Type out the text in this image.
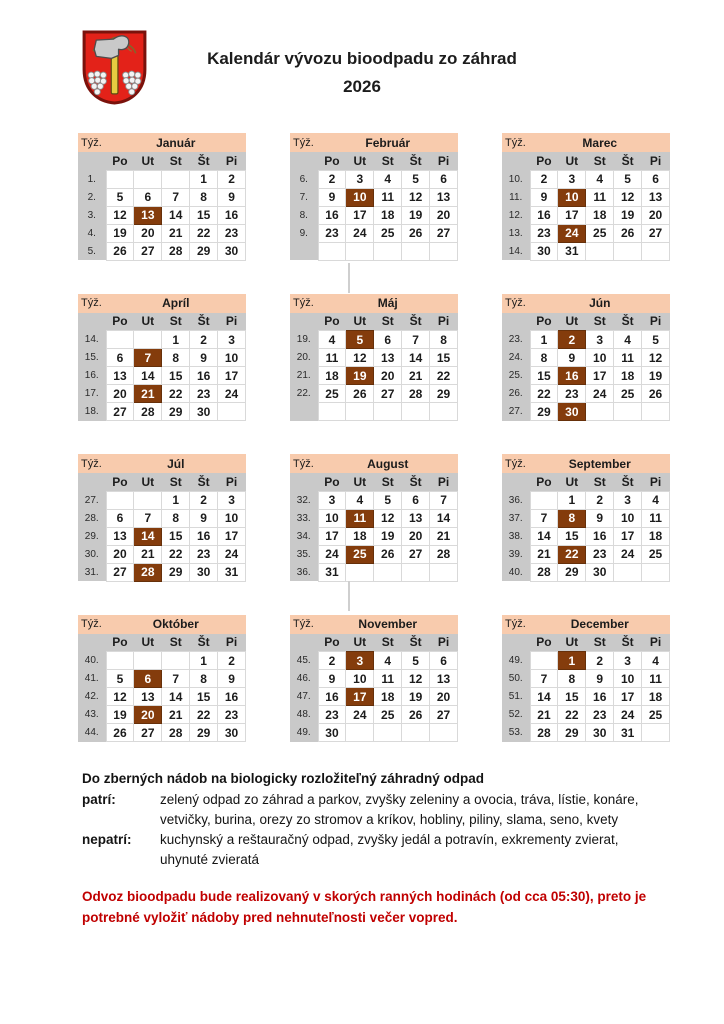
Kalendár vývozu bioodpadu zo záhrad
2026
Týž.	Január				
	Po	Ut	St	Št	Pi
1.				1	2
2.	5	6	7	8	9
3.	12	13	14	15	16
4.	19	20	21	22	23
5.	26	27	28	29	30
Týž.	Február				
	Po	Ut	St	Št	Pi
6.	2	3	4	5	6
7.	9	10	11	12	13
8.	16	17	18	19	20
9.	23	24	25	26	27

Týž.	Marec				
	Po	Ut	St	Št	Pi
10.	2	3	4	5	6
11.	9	10	11	12	13
12.	16	17	18	19	20
13.	23	24	25	26	27
14.	30	31			
Týž.	Apríl				
	Po	Ut	St	Št	Pi
14.			1	2	3
15.	6	7	8	9	10
16.	13	14	15	16	17
17.	20	21	22	23	24
18.	27	28	29	30	
Týž.	Máj				
	Po	Ut	St	Št	Pi
19.	4	5	6	7	8
20.	11	12	13	14	15
21.	18	19	20	21	22
22.	25	26	27	28	29

Týž.	Jún				
	Po	Ut	St	Št	Pi
23.	1	2	3	4	5
24.	8	9	10	11	12
25.	15	16	17	18	19
26.	22	23	24	25	26
27.	29	30			
Týž.	Júl				
	Po	Ut	St	Št	Pi
27.			1	2	3
28.	6	7	8	9	10
29.	13	14	15	16	17
30.	20	21	22	23	24
31.	27	28	29	30	31
Týž.	August				
	Po	Ut	St	Št	Pi
32.	3	4	5	6	7
33.	10	11	12	13	14
34.	17	18	19	20	21
35.	24	25	26	27	28
36.	31				
Týž.	September				
	Po	Ut	St	Št	Pi
36.		1	2	3	4
37.	7	8	9	10	11
38.	14	15	16	17	18
39.	21	22	23	24	25
40.	28	29	30		
Týž.	Október				
	Po	Ut	St	Št	Pi
40.				1	2
41.	5	6	7	8	9
42.	12	13	14	15	16
43.	19	20	21	22	23
44.	26	27	28	29	30
Týž.	November				
	Po	Ut	St	Št	Pi
45.	2	3	4	5	6
46.	9	10	11	12	13
47.	16	17	18	19	20
48.	23	24	25	26	27
49.	30				
Týž.	December				
	Po	Ut	St	Št	Pi
49.		1	2	3	4
50.	7	8	9	10	11
51.	14	15	16	17	18
52.	21	22	23	24	25
53.	28	29	30	31	
Do zberných nádob na biologicky rozložiteľný záhradný odpad
patrí:	zelený odpad zo záhrad a parkov, zvyšky zeleniny a ovocia, tráva, lístie, konáre, vetvičky, burina, orezy zo stromov a kríkov, hobliny, piliny, slama, seno, kvety
nepatrí:	kuchynský a reštauračný odpad, zvyšky jedál a potravín, exkrementy zvierat, uhynuté zvieratá
Odvoz bioodpadu bude realizovaný v skorých ranných hodinách (od cca 05:30), preto je potrebné vyložiť nádoby pred nehnuteľnosti večer vopred.
